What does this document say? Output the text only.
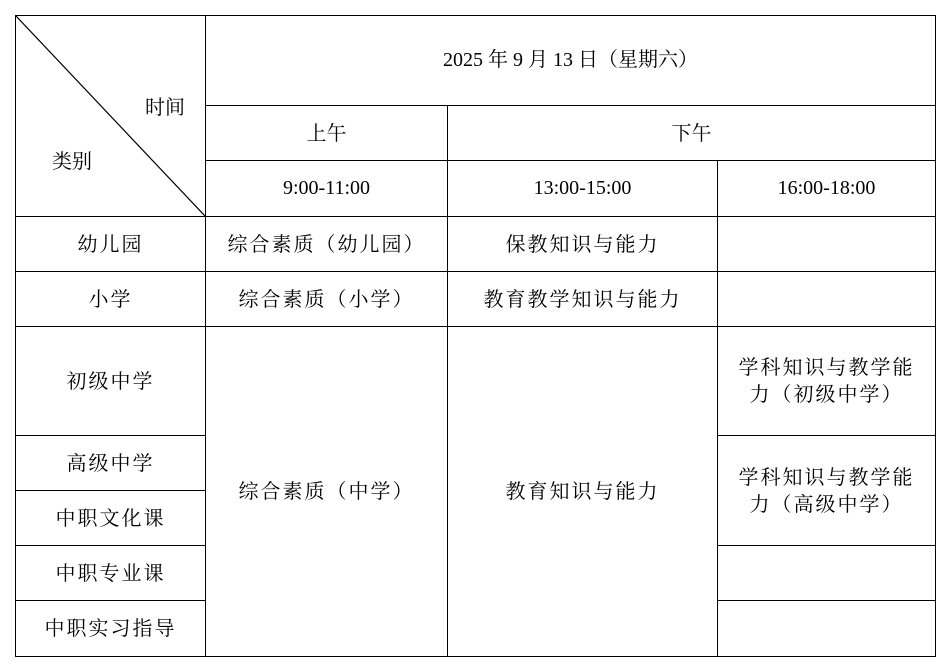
时间
类别	2025 年 9 月 13 日（星期六）		
	上午	下午	
	9:00-11:00	13:00-15:00	16:00-18:00
幼儿园	综合素质（幼儿园）	保教知识与能力	
小学	综合素质（小学）	教育教学知识与能力	
初级中学	综合素质（中学）	教育知识与能力	学科知识与教学能力（初级中学）

高级中学			学科知识与教学能力（高级中学）

中职文化课			
中职专业课			
中职实习指导			
